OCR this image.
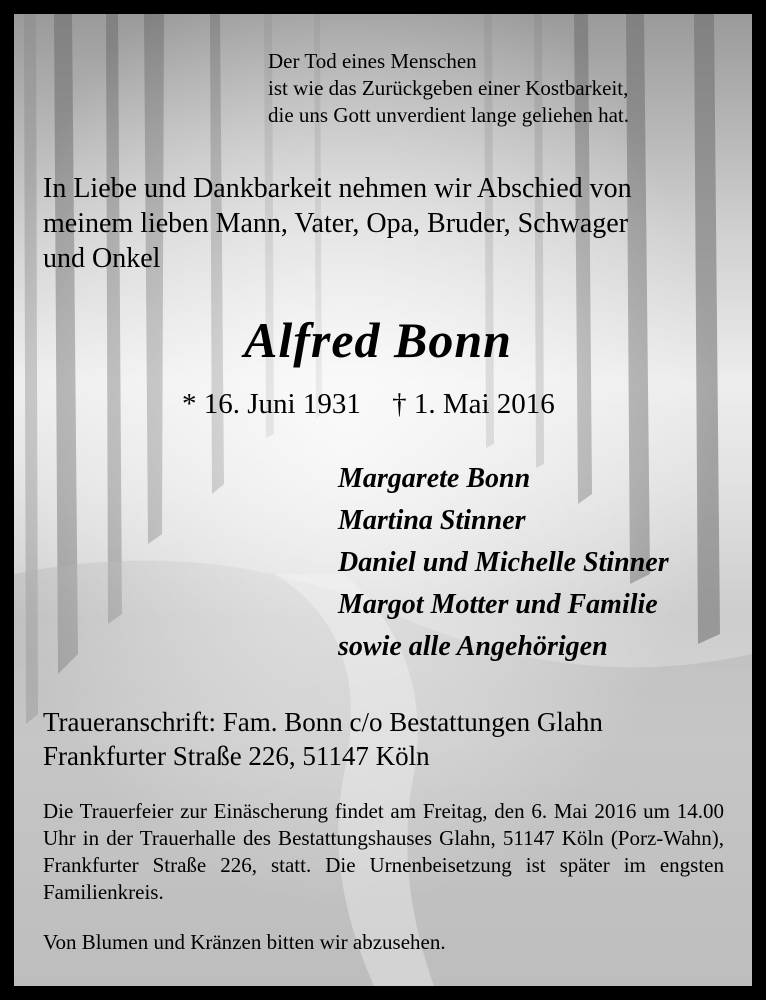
Der Tod eines Menschen
ist wie das Zurückgeben einer Kostbarkeit,
die uns Gott unverdient lange geliehen hat.
In Liebe und Dankbarkeit nehmen wir Abschied von
meinem lieben Mann, Vater, Opa, Bruder, Schwager
und Onkel
Alfred Bonn
* 16. Juni 1931 † 1. Mai 2016
Margarete Bonn
Martina Stinner
Daniel und Michelle Stinner
Margot Motter und Familie
sowie alle Angehörigen
Traueranschrift: Fam. Bonn c/o Bestattungen Glahn
Frankfurter Straße 226, 51147 Köln
Die Trauerfeier zur Einäscherung findet am Freitag, den 6. Mai 2016 um 14.00 Uhr in der Trauerhalle des Bestattungshauses Glahn, 51147 Köln (Porz-Wahn), Frankfurter Straße 226, statt. Die Urnenbeisetzung ist später im engsten Familienkreis.
Von Blumen und Kränzen bitten wir abzusehen.
